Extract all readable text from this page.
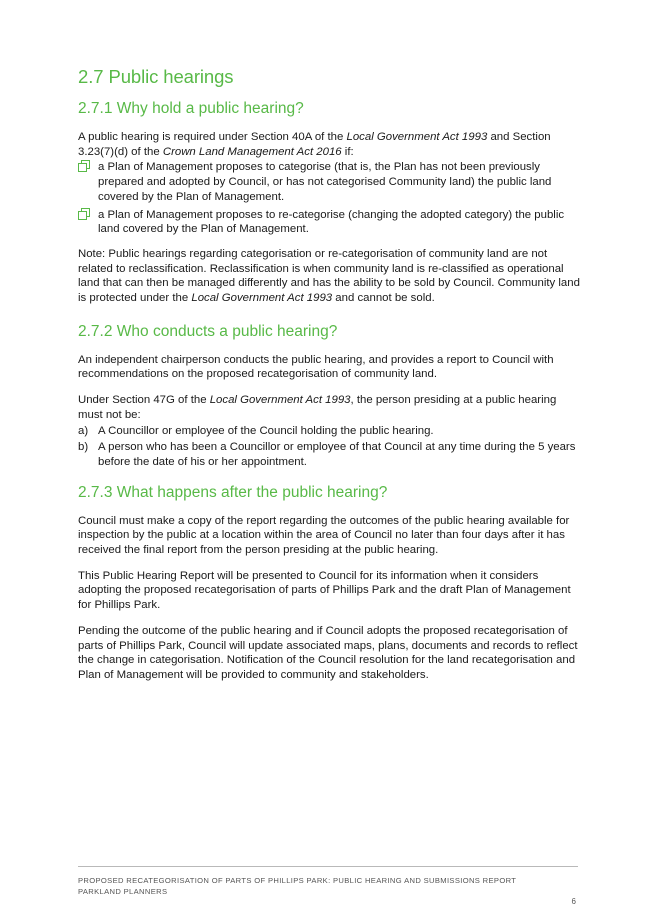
2.7 Public hearings
2.7.1 Why hold a public hearing?

A public hearing is required under Section 40A of the Local Government Act 1993 and Section 3.23(7)(d) of the Crown Land Management Act 2016 if:

a Plan of Management proposes to categorise (that is, the Plan has not been previously prepared and adopted by Council, or has not categorised Community land) the public land covered by the Plan of Management.
a Plan of Management proposes to re-categorise (changing the adopted category) the public land covered by the Plan of Management.

Note: Public hearings regarding categorisation or re-categorisation of community land are not related to reclassification. Reclassification is when community land is re-classified as operational land that can then be managed differently and has the ability to be sold by Council. Community land is protected under the Local Government Act 1993 and cannot be sold.

2.7.2 Who conducts a public hearing?

An independent chairperson conducts the public hearing, and provides a report to Council with recommendations on the proposed recategorisation of community land.

Under Section 47G of the Local Government Act 1993, the person presiding at a public hearing must not be:

a) A Councillor or employee of the Council holding the public hearing.
b) A person who has been a Councillor or employee of that Council at any time during the 5 years before the date of his or her appointment.
2.7.3 What happens after the public hearing?

Council must make a copy of the report regarding the outcomes of the public hearing available for inspection by the public at a location within the area of Council no later than four days after it has received the final report from the person presiding at the public hearing.

This Public Hearing Report will be presented to Council for its information when it considers adopting the proposed recategorisation of parts of Phillips Park and the draft Plan of Management for Phillips Park.

Pending the outcome of the public hearing and if Council adopts the proposed recategorisation of parts of Phillips Park, Council will update associated maps, plans, documents and records to reflect the change in categorisation. Notification of the Council resolution for the land recategorisation and Plan of Management will be provided to community and stakeholders.

PROPOSED RECATEGORISATION OF PARTS OF PHILLIPS PARK: PUBLIC HEARING AND SUBMISSIONS REPORT
PARKLAND PLANNERS
6
